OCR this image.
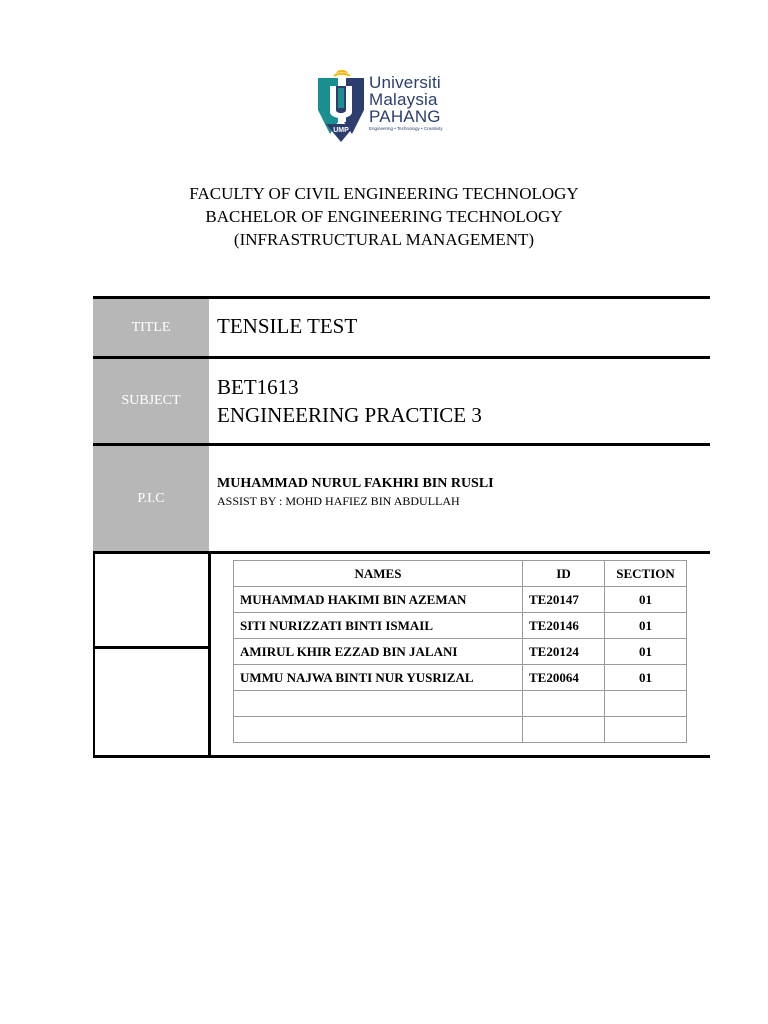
UMP
Universiti
Malaysia
PAHANG
Engineering • Technology • Creativity
FACULTY OF CIVIL ENGINEERING TECHNOLOGY
BACHELOR OF ENGINEERING TECHNOLOGY
(INFRASTRUCTURAL MANAGEMENT)
TITLE TENSILE TEST
SUBJECT
BET1613
ENGINEERING PRACTICE 3
P.I.C
MUHAMMAD NURUL FAKHRI BIN RUSLI
ASSIST BY : MOHD HAFIEZ BIN ABDULLAH
NAMES	ID	SECTION
MUHAMMAD HAKIMI BIN AZEMAN	TE20147	01
SITI NURIZZATI BINTI ISMAIL	TE20146	01
AMIRUL KHIR EZZAD BIN JALANI	TE20124	01
UMMU NAJWA BINTI NUR YUSRIZAL	TE20064	01
